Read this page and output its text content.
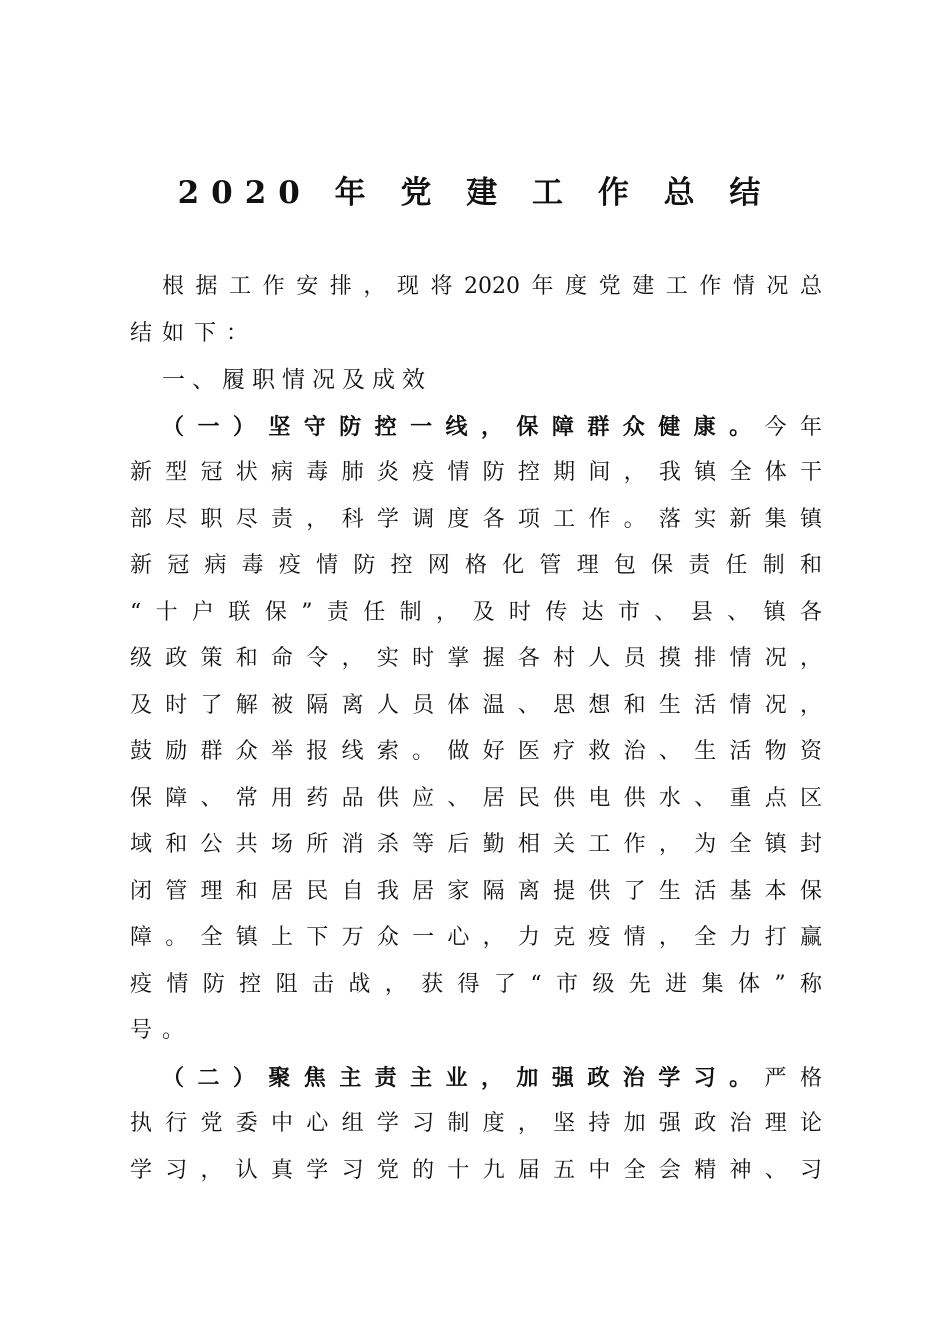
2020 年 党 建 工 作 总 结
根据工作安排，现将2020年度党建工作情况总
结如下：
一、履职情况及成效
（一）坚守防控一线，保障群众健康。今年
新型冠状病毒肺炎疫情防控期间，我镇全体干
部尽职尽责，科学调度各项工作。落实新集镇
新冠病毒疫情防控网格化管理包保责任制和
“十户联保”责任制，及时传达市、县、镇各
级政策和命令，实时掌握各村人员摸排情况，
及时了解被隔离人员体温、思想和生活情况，
鼓励群众举报线索。做好医疗救治、生活物资
保障、常用药品供应、居民供电供水、重点区
域和公共场所消杀等后勤相关工作，为全镇封
闭管理和居民自我居家隔离提供了生活基本保
障。全镇上下万众一心，力克疫情，全力打赢
疫情防控阻击战，获得了“市级先进集体”称
号。
（二）聚焦主责主业，加强政治学习。严格
执行党委中心组学习制度，坚持加强政治理论
学习，认真学习党的十九届五中全会精神、习
